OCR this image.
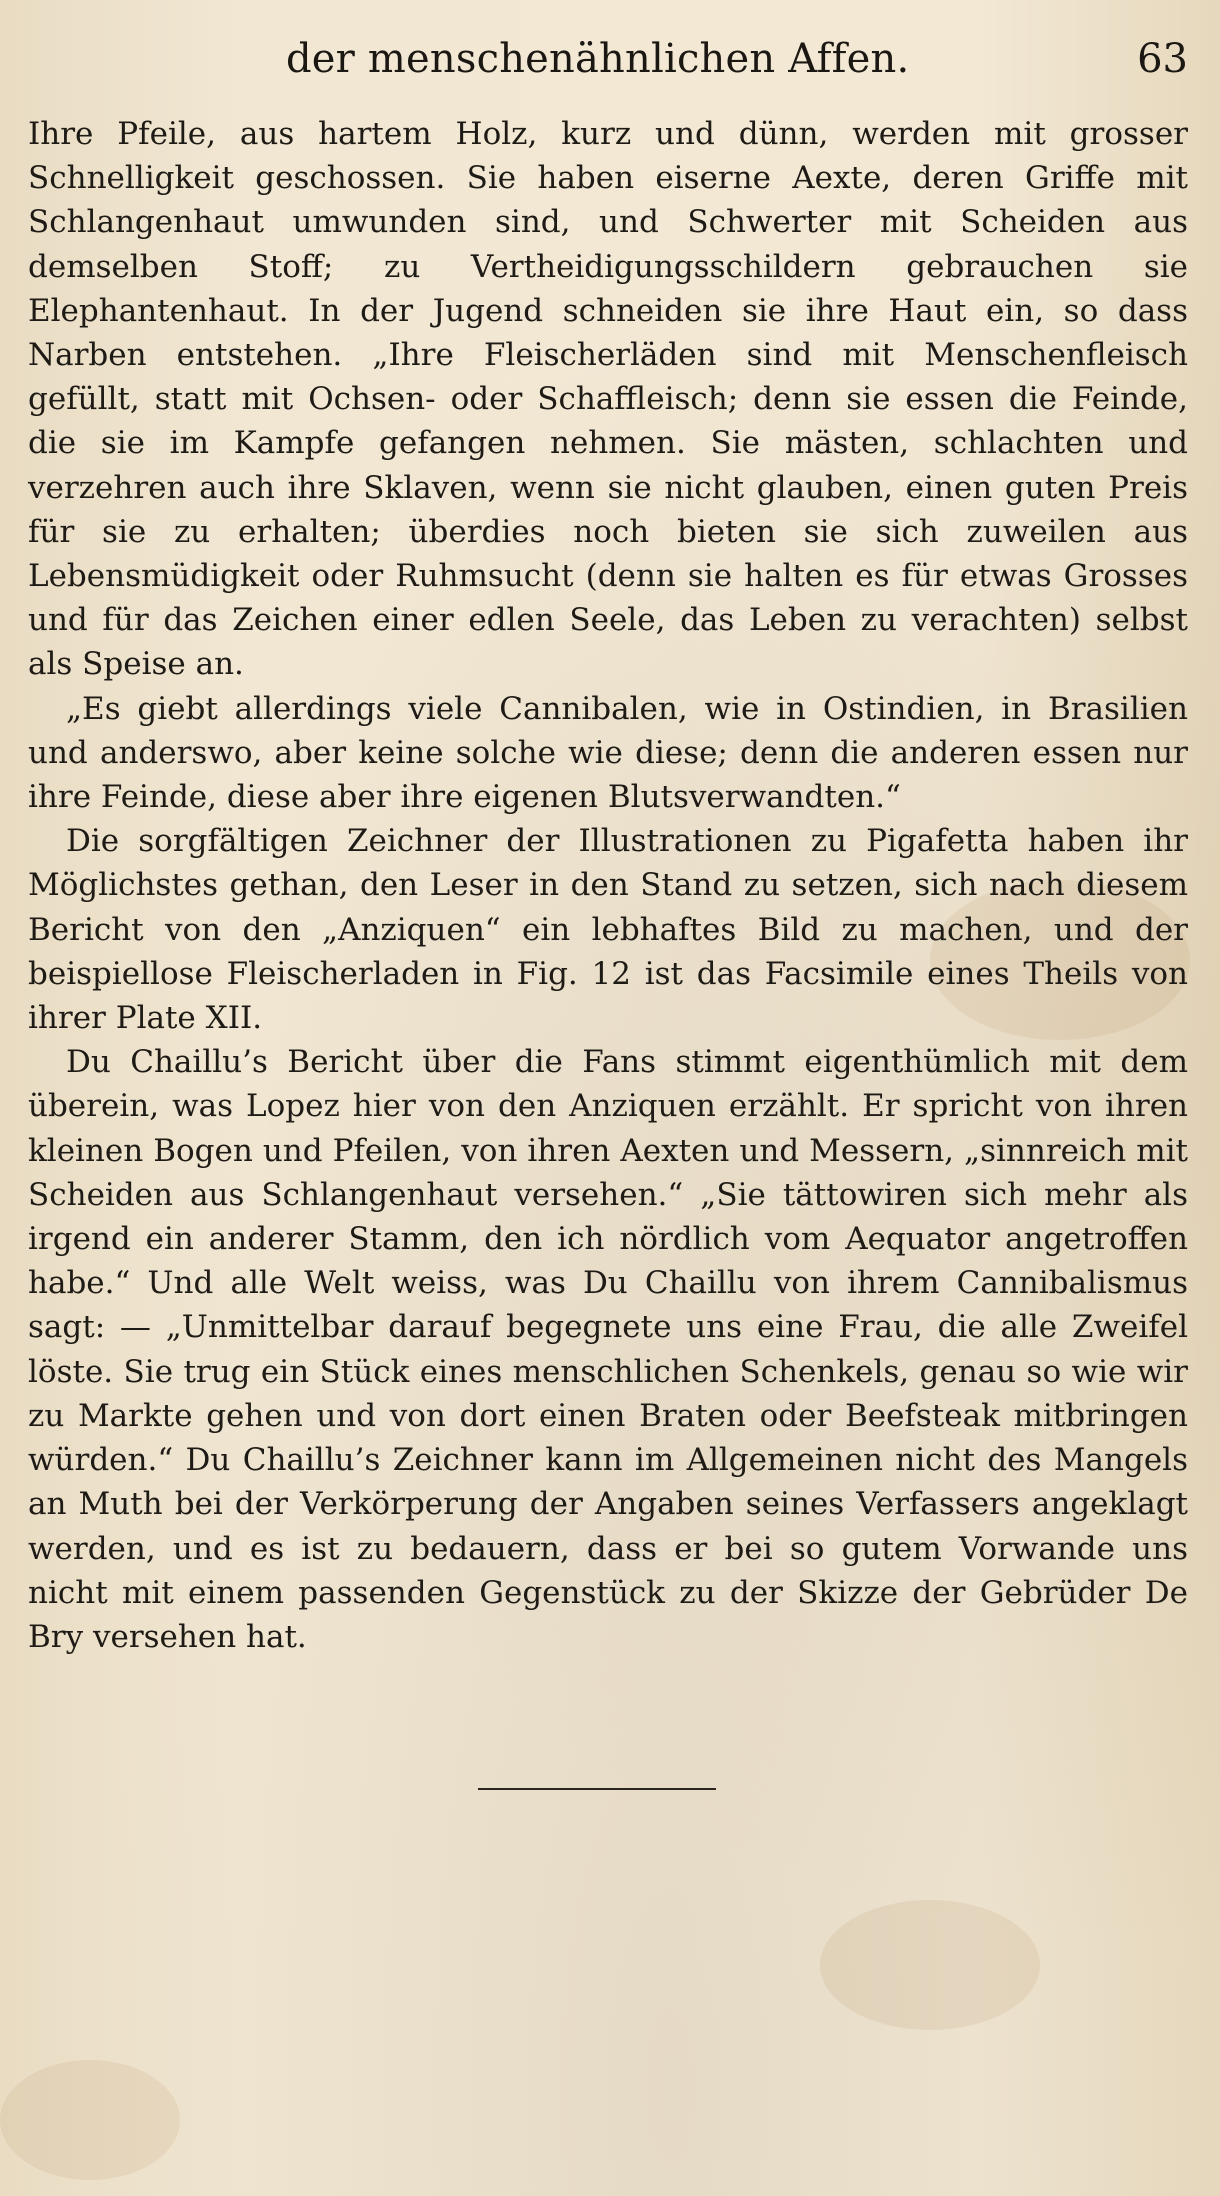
der menschenähnlichen Affen.	63

Ihre Pfeile, aus hartem Holz, kurz und dünn, werden mit grosser Schnelligkeit geschossen. Sie haben eiserne Aexte, deren Griffe mit Schlangenhaut umwunden sind, und Schwerter mit Scheiden aus demselben Stoff; zu Vertheidigungsschildern gebrauchen sie Elephantenhaut. In der Jugend schneiden sie ihre Haut ein, so dass Narben entstehen. „Ihre Fleischerläden sind mit Menschenfleisch gefüllt, statt mit Ochsen- oder Schaffleisch; denn sie essen die Feinde, die sie im Kampfe gefangen nehmen. Sie mästen, schlachten und verzehren auch ihre Sklaven, wenn sie nicht glauben, einen guten Preis für sie zu erhalten; überdies noch bieten sie sich zuweilen aus Lebensmüdigkeit oder Ruhmsucht (denn sie halten es für etwas Grosses und für das Zeichen einer edlen Seele, das Leben zu verachten) selbst als Speise an.

„Es giebt allerdings viele Cannibalen, wie in Ostindien, in Brasilien und anderswo, aber keine solche wie diese; denn die anderen essen nur ihre Feinde, diese aber ihre eigenen Blutsverwandten.“

Die sorgfältigen Zeichner der Illustrationen zu Pigafetta haben ihr Möglichstes gethan, den Leser in den Stand zu setzen, sich nach diesem Bericht von den „Anziquen“ ein lebhaftes Bild zu machen, und der beispiellose Fleischerladen in Fig. 12 ist das Facsimile eines Theils von ihrer Plate XII.

Du Chaillu’s Bericht über die Fans stimmt eigenthümlich mit dem überein, was Lopez hier von den Anziquen erzählt. Er spricht von ihren kleinen Bogen und Pfeilen, von ihren Aexten und Messern, „sinnreich mit Scheiden aus Schlangenhaut versehen.“ „Sie tättowiren sich mehr als irgend ein anderer Stamm, den ich nördlich vom Aequator angetroffen habe.“ Und alle Welt weiss, was Du Chaillu von ihrem Cannibalismus sagt: — „Unmittelbar darauf begegnete uns eine Frau, die alle Zweifel löste. Sie trug ein Stück eines menschlichen Schenkels, genau so wie wir zu Markte gehen und von dort einen Braten oder Beefsteak mitbringen würden.“ Du Chaillu’s Zeichner kann im Allgemeinen nicht des Mangels an Muth bei der Verkörperung der Angaben seines Verfassers angeklagt werden, und es ist zu bedauern, dass er bei so gutem Vorwande uns nicht mit einem passenden Gegenstück zu der Skizze der Gebrüder De Bry versehen hat.
